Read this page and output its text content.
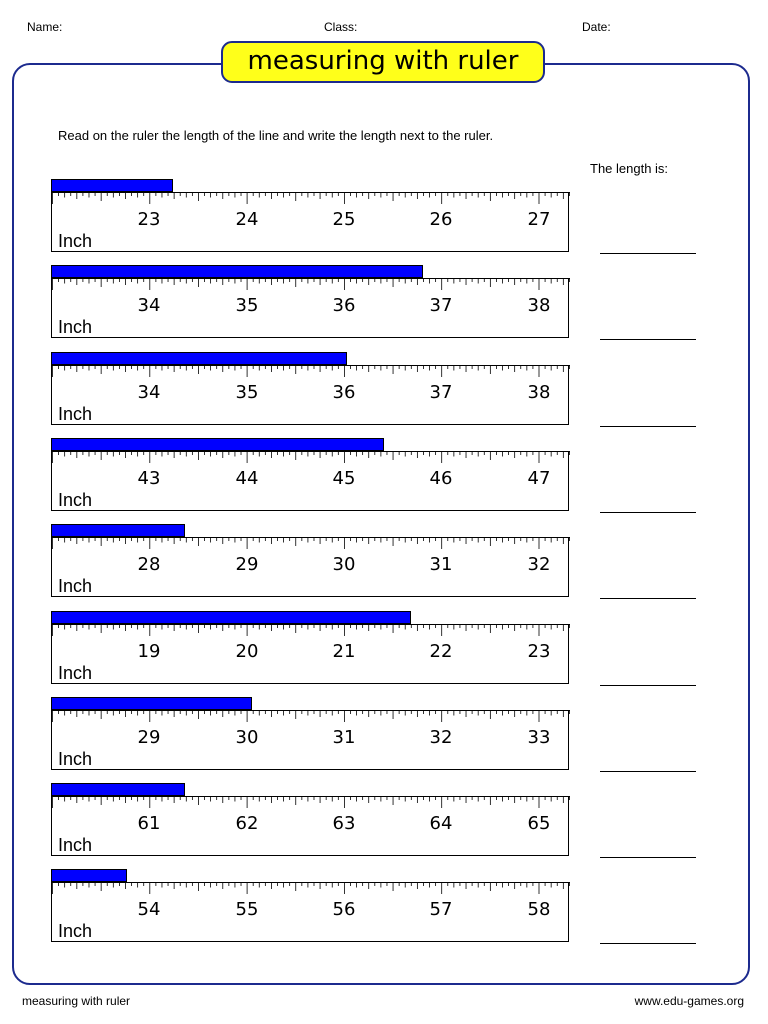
Name:	Class:	Date:
measuring with ruler
Read on the ruler the length of the line and write the length next to the ruler.
The length is:
23	24	25	26	27
Inch
34	35	36	37	38
Inch
34	35	36	37	38
Inch
43	44	45	46	47
Inch
28	29	30	31	32
Inch
19	20	21	22	23
Inch
29	30	31	32	33
Inch
61	62	63	64	65
Inch
54	55	56	57	58
Inch
measuring with ruler	www.edu-games.org
